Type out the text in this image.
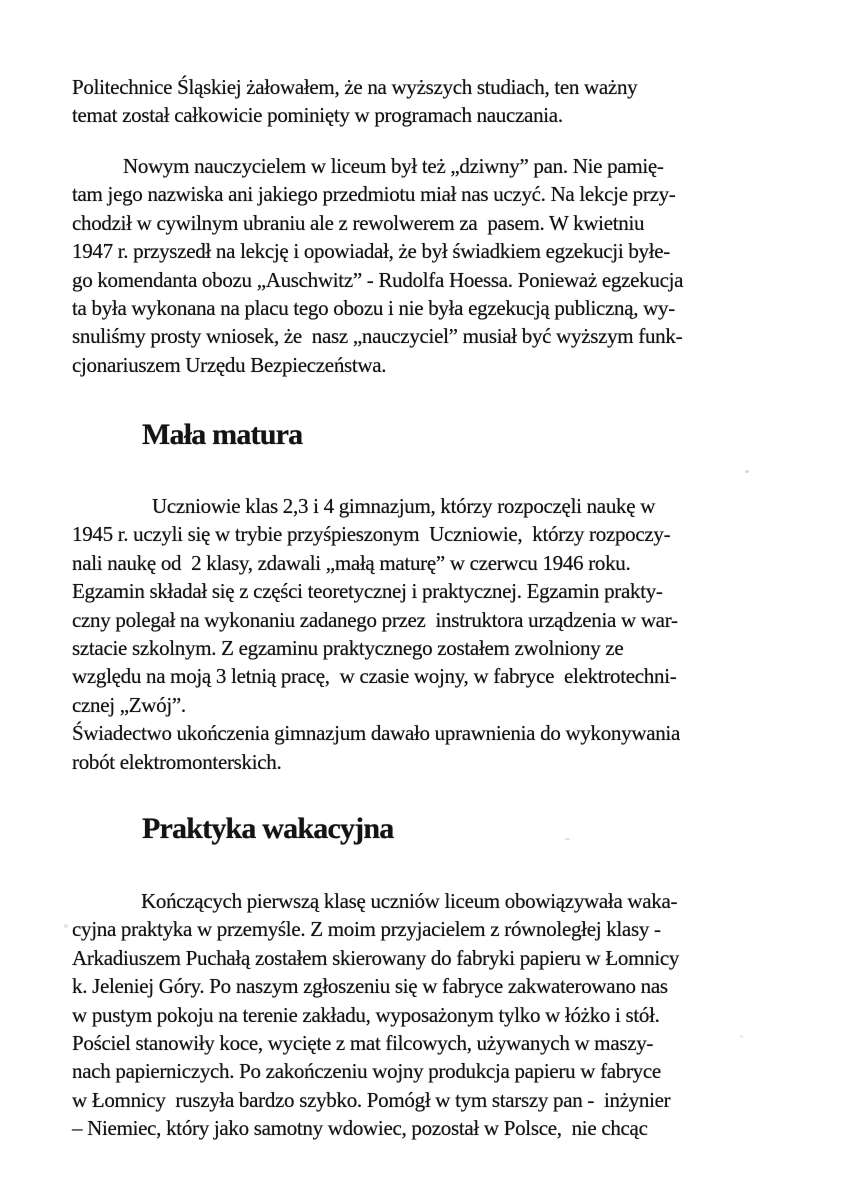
Politechnice Śląskiej żałowałem, że na wyższych studiach, ten ważny
temat został całkowicie pominięty w programach nauczania.
Nowym nauczycielem w liceum był też „dziwny” pan. Nie pamię-
tam jego nazwiska ani jakiego przedmiotu miał nas uczyć. Na lekcje przy-
chodził w cywilnym ubraniu ale z rewolwerem za  pasem. W kwietniu
1947 r. przyszedł na lekcję i opowiadał, że był świadkiem egzekucji byłe-
go komendanta obozu „Auschwitz” - Rudolfa Hoessa. Ponieważ egzekucja
ta była wykonana na placu tego obozu i nie była egzekucją publiczną, wy-
snuliśmy prosty wniosek, że  nasz „nauczyciel” musiał być wyższym funk-
cjonariuszem Urzędu Bezpieczeństwa.
Mała matura
Uczniowie klas 2,3 i 4 gimnazjum, którzy rozpoczęli naukę w
1945 r. uczyli się w trybie przyśpieszonym  Uczniowie,  którzy rozpoczy-
nali naukę od  2 klasy, zdawali „małą maturę” w czerwcu 1946 roku.
Egzamin składał się z części teoretycznej i praktycznej. Egzamin prakty-
czny polegał na wykonaniu zadanego przez  instruktora urządzenia w war-
sztacie szkolnym. Z egzaminu praktycznego zostałem zwolniony ze
względu na moją 3 letnią pracę,  w czasie wojny, w fabryce  elektrotechni-
cznej „Zwój”.
Świadectwo ukończenia gimnazjum dawało uprawnienia do wykonywania
robót elektromonterskich.
Praktyka wakacyjna
Kończących pierwszą klasę uczniów liceum obowiązywała waka-
cyjna praktyka w przemyśle. Z moim przyjacielem z równoległej klasy -
Arkadiuszem Puchałą zostałem skierowany do fabryki papieru w Łomnicy
k. Jeleniej Góry. Po naszym zgłoszeniu się w fabryce zakwaterowano nas
w pustym pokoju na terenie zakładu, wyposażonym tylko w łóżko i stół.
Pościel stanowiły koce, wycięte z mat filcowych, używanych w maszy-
nach papierniczych. Po zakończeniu wojny produkcja papieru w fabryce
w Łomnicy  ruszyła bardzo szybko. Pomógł w tym starszy pan -  inżynier
– Niemiec, który jako samotny wdowiec, pozostał w Polsce,  nie chcąc
